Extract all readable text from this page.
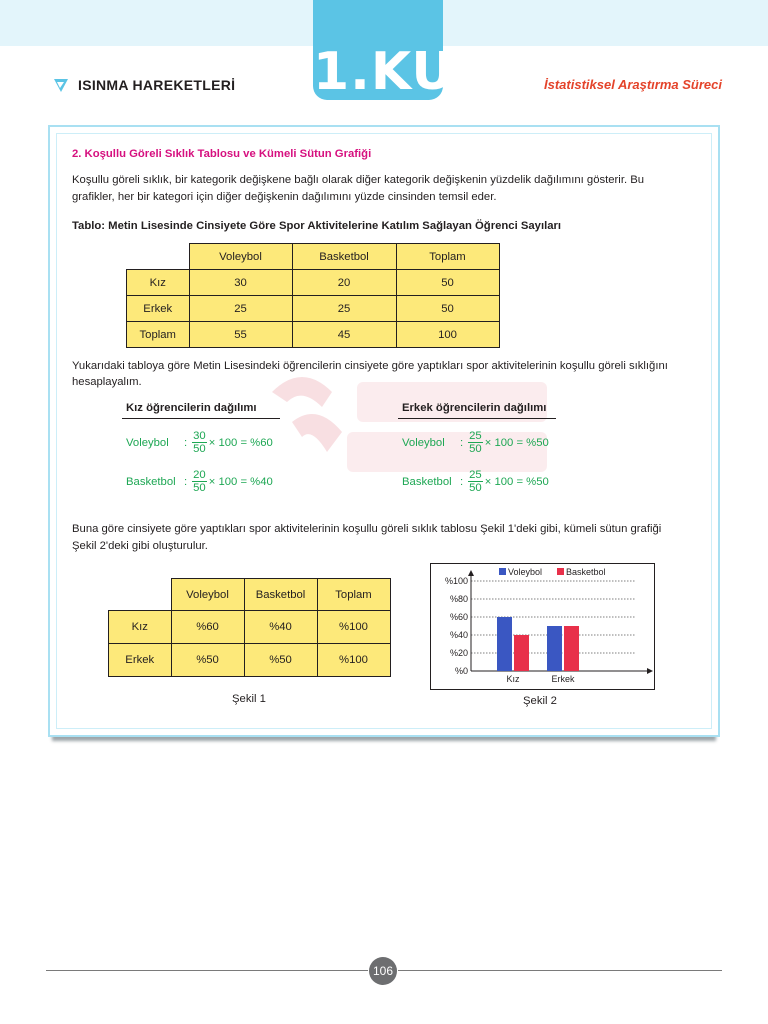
1.KUR
ISINMA HAREKETLERİ	İstatistiksel Araştırma Süreci
2. Koşullu Göreli Sıklık Tablosu ve Kümeli Sütun Grafiği
Koşullu göreli sıklık, bir kategorik değişkene bağlı olarak diğer kategorik değişkenin yüzdelik dağılımını gösterir. Bu
grafikler, her bir kategori için diğer değişkenin dağılımını yüzde cinsinden temsil eder.
Tablo: Metin Lisesinde Cinsiyete Göre Spor Aktivitelerine Katılım Sağlayan Öğrenci Sayıları
	Voleybol	Basketbol	Toplam
Kız	30	20	50
Erkek	25	25	50
Toplam	55	45	100
Yukarıdaki tabloya göre Metin Lisesindeki öğrencilerin cinsiyete göre yaptıkları spor aktivitelerinin koşullu göreli sıklığını
hesaplayalım.
Kız öğrencilerin dağılımı	Erkek öğrencilerin dağılımı
Voleybol	: $\frac{30}{50} \times 100 = \%60$
Basketbol : $\frac{20}{50} \times 100 = \%40$
Voleybol	: $\frac{25}{50} \times 100 = \%50$
Basketbol : $\frac{25}{50} \times 100 = \%50$
Buna göre cinsiyete göre yaptıkları spor aktivitelerinin koşullu göreli sıklık tablosu Şekil 1'deki gibi, kümeli sütun grafiği
Şekil 2'deki gibi oluşturulur.
	Voleybol	Basketbol	Toplam
Kız	%60	%40	%100
Erkek	%50	%50	%100
Şekil 1
%0
%20
%40
%60
%80
%100
Kız	Erkek
Voleybol	Basketbol
Şekil 2
106
